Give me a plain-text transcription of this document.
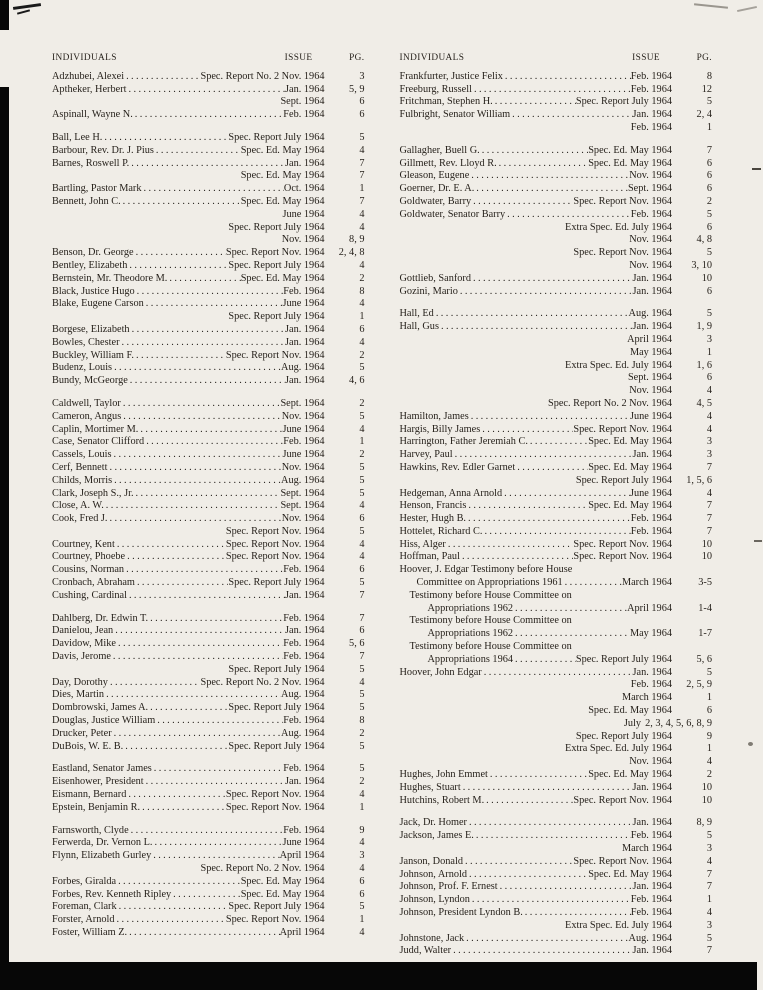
INDIVIDUALS	ISSUE	PG.
Adzhubei, Alexei .....	Spec. Report No. 2 Nov. 1964	3
Aptheker, Herbert .....	Jan. 1964	5, 9
Sept. 1964	6
Aspinall, Wayne N. .....	Feb. 1964	6
Ball, Lee H. .....	Spec. Report July 1964	5
Barbour, Rev. Dr. J. Pius .....	Spec. Ed. May 1964	4
Barnes, Roswell P. .....	Jan. 1964	7
Spec. Ed. May 1964	7
Bartling, Pastor Mark .....	Oct. 1964	1
Bennett, John C. .....	Spec. Ed. May 1964	7
June 1964	4
Spec. Report July 1964	4
Nov. 1964	8, 9
Benson, Dr. George .....	Spec. Report Nov. 1964	2, 4, 8
Bentley, Elizabeth .....	Spec. Report July 1964	4
Bernstein, Mr. Theodore M. .....	Spec. Ed. May 1964	2
Black, Justice Hugo .....	Feb. 1964	8
Blake, Eugene Carson .....	June 1964	4
Spec. Report July 1964	1
Borgese, Elizabeth .....	Jan. 1964	6
Bowles, Chester .....	Jan. 1964	4
Buckley, William F. .....	Spec. Report Nov. 1964	2
Budenz, Louis .....	Aug. 1964	5
Bundy, McGeorge .....	Jan. 1964	4, 6
Caldwell, Taylor .....	Sept. 1964	2
Cameron, Angus .....	Nov. 1964	5
Caplin, Mortimer M. .....	June 1964	4
Case, Senator Clifford .....	Feb. 1964	1
Cassels, Louis .....	June 1964	2
Cerf, Bennett .....	Nov. 1964	5
Childs, Morris .....	Aug. 1964	5
Clark, Joseph S., Jr. .....	Sept. 1964	5
Close, A. W. .....	Sept. 1964	4
Cook, Fred J. .....	Nov. 1964	6
Spec. Report Nov. 1964	5
Courtney, Kent .....	Spec. Report Nov. 1964	4
Courtney, Phoebe .....	Spec. Report Nov. 1964	4
Cousins, Norman .....	Feb. 1964	6
Cronbach, Abraham .....	Spec. Report July 1964	5
Cushing, Cardinal .....	Jan. 1964	7
Dahlberg, Dr. Edwin T. .....	Feb. 1964	7
Danielou, Jean .....	Jan. 1964	6
Davidow, Mike .....	Feb. 1964	5, 6
Davis, Jerome .....	Feb. 1964	7
Spec. Report July 1964	5
Day, Dorothy .....	Spec. Report No. 2 Nov. 1964	4
Dies, Martin .....	Aug. 1964	5
Dombrowski, James A. .....	Spec. Report July 1964	5
Douglas, Justice William .....	Feb. 1964	8
Drucker, Peter .....	Aug. 1964	2
DuBois, W. E. B. .....	Spec. Report July 1964	5
Eastland, Senator James .....	Feb. 1964	5
Eisenhower, President .....	Jan. 1964	2
Eismann, Bernard .....	Spec. Report Nov. 1964	4
Epstein, Benjamin R. .....	Spec. Report Nov. 1964	1
Farnsworth, Clyde .....	Feb. 1964	9
Ferwerda, Dr. Vernon L. .....	June 1964	4
Flynn, Elizabeth Gurley .....	April 1964	3
Spec. Report No. 2 Nov. 1964	4
Forbes, Giralda .....	Spec. Ed. May 1964	6
Forbes, Rev. Kenneth Ripley .....	Spec. Ed. May 1964	6
Foreman, Clark .....	Spec. Report July 1964	5
Forster, Arnold .....	Spec. Report Nov. 1964	1
Foster, William Z. .....	April 1964	4
INDIVIDUALS	ISSUE	PG.
Frankfurter, Justice Felix .....	Feb. 1964	8
Freeburg, Russell .....	Feb. 1964	12
Fritchman, Stephen H. .....	Spec. Report July 1964	5
Fulbright, Senator William .....	Jan. 1964	2, 4
Feb. 1964	1
Gallagher, Buell G. .....	Spec. Ed. May 1964	7
Gillmett, Rev. Lloyd R. .....	Spec. Ed. May 1964	6
Gleason, Eugene .....	Nov. 1964	6
Goerner, Dr. E. A. .....	Sept. 1964	6
Goldwater, Barry .....	Spec. Report Nov. 1964	2
Goldwater, Senator Barry .....	Feb. 1964	5
Extra Spec. Ed. July 1964	6
Nov. 1964	4, 8
Spec. Report Nov. 1964	5
Nov. 1964	3, 10
Gottlieb, Sanford .....	Jan. 1964	10
Gozini, Mario .....	Jan. 1964	6
Hall, Ed .....	Aug. 1964	5
Hall, Gus .....	Jan. 1964	1, 9
April 1964	3
May 1964	1
Extra Spec. Ed. July 1964	1, 6
Sept. 1964	6
Nov. 1964	4
Spec. Report No. 2 Nov. 1964	4, 5
Hamilton, James .....	June 1964	4
Hargis, Billy James .....	Spec. Report Nov. 1964	4
Harrington, Father Jeremiah C. .....	Spec. Ed. May 1964	3
Harvey, Paul .....	Jan. 1964	3
Hawkins, Rev. Edler Garnet .....	Spec. Ed. May 1964	7
Spec. Report July 1964	1, 5, 6
Hedgeman, Anna Arnold .....	June 1964	4
Henson, Francis .....	Spec. Ed. May 1964	7
Hester, Hugh B. .....	Feb. 1964	7
Hottelet, Richard C. .....	Feb. 1964	7
Hiss, Alger .....	Spec. Report Nov. 1964	10
Hoffman, Paul .....	Spec. Report Nov. 1964	10
Hoover, J. Edgar Testimony before House
Committee on Appropriations 1961 .....	March 1964	3-5
Testimony before House Committee on
Appropriations 1962 .....	April 1964	1-4
Testimony before House Committee on
Appropriations 1962 .....	May 1964	1-7
Testimony before House Committee on
Appropriations 1964 .....	Spec. Report July 1964	5, 6
Hoover, John Edgar .....	Jan. 1964	5
Feb. 1964	2, 5, 9
March 1964	1
Spec. Ed. May 1964	6
July 2, 3, 4, 5, 6, 8, 9
Spec. Report July 1964	9
Extra Spec. Ed. July 1964	1
Nov. 1964	4
Hughes, John Emmet .....	Spec. Ed. May 1964	2
Hughes, Stuart .....	Jan. 1964	10
Hutchins, Robert M. .....	Spec. Report Nov. 1964	10
Jack, Dr. Homer .....	Jan. 1964	8, 9
Jackson, James E. .....	Feb. 1964	5
March 1964	3
Janson, Donald .....	Spec. Report Nov. 1964	4
Johnson, Arnold .....	Spec. Ed. May 1964	7
Johnson, Prof. F. Ernest .....	Jan. 1964	7
Johnson, Lyndon .....	Feb. 1964	1
Johnson, President Lyndon B. .....	Feb. 1964	4
Extra Spec. Ed. July 1964	3
Johnstone, Jack .....	Aug. 1964	5
Judd, Walter .....	Jan. 1964	7
